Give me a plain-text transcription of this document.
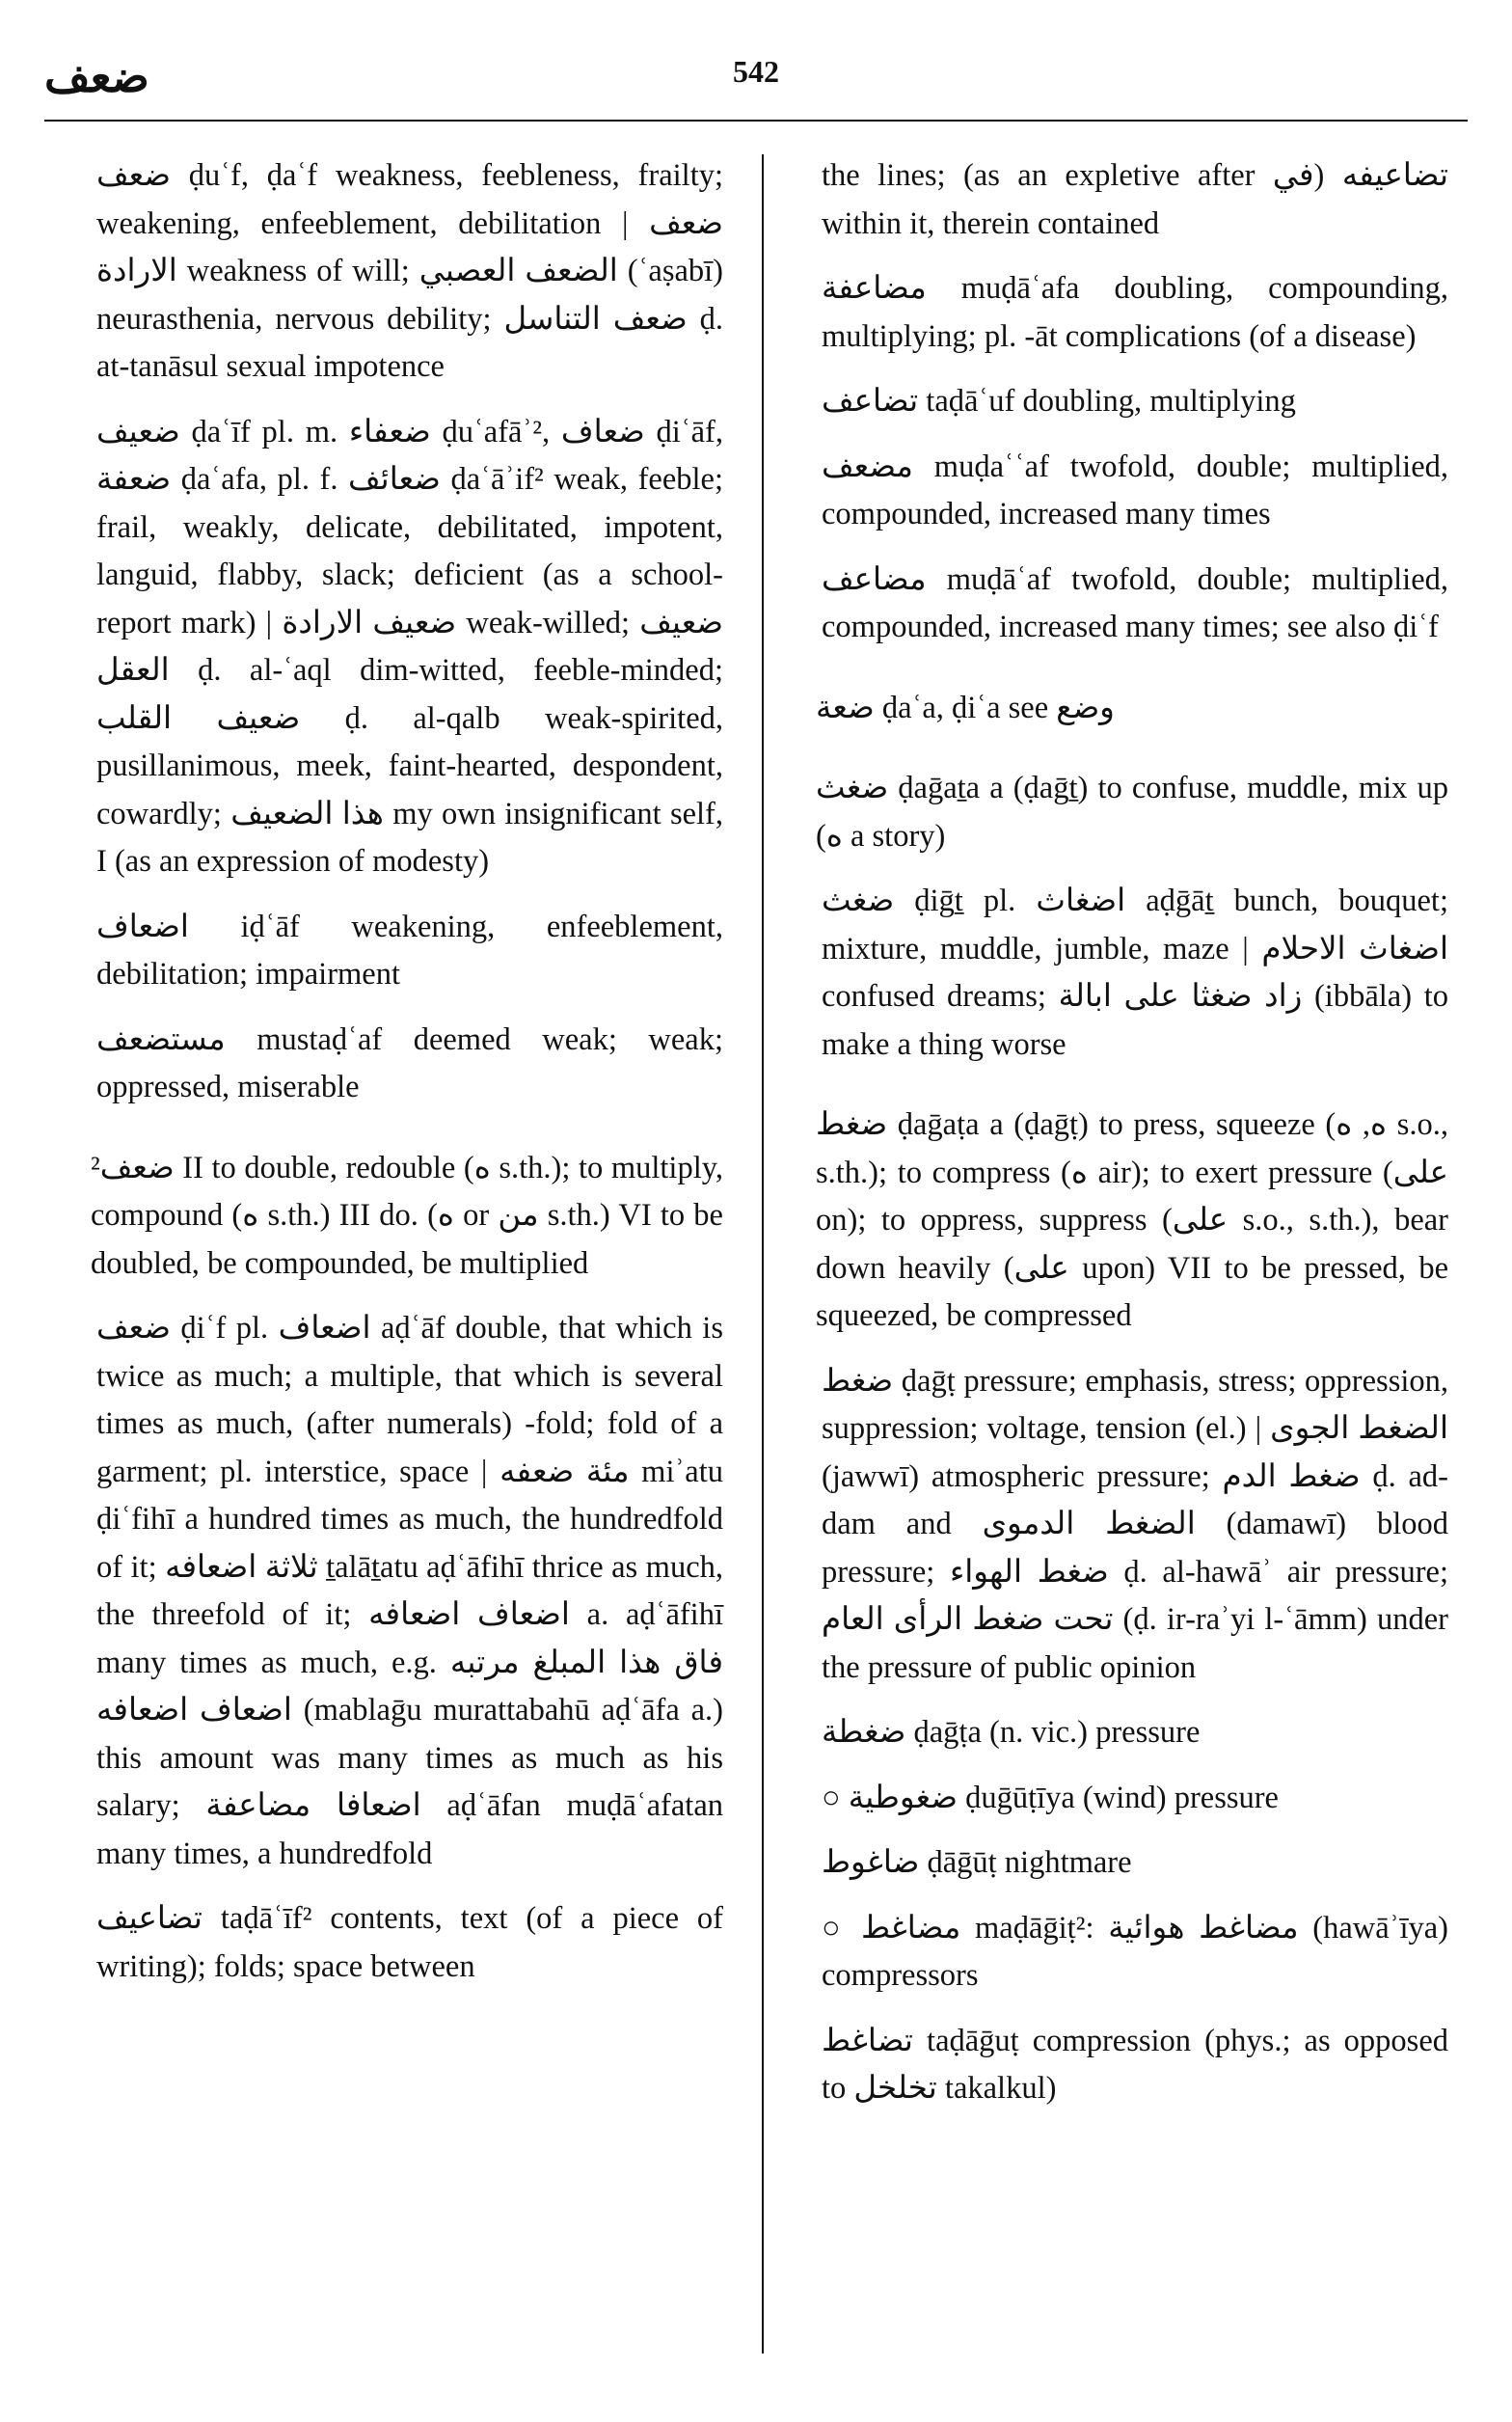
ضعف	542

ضعف ḍuʿf, ḍaʿf weakness, feebleness, frailty; weakening, enfeeblement, debilitation | ضعف الارادة weakness of will; الضعف العصبي (ʿaṣabī) neurasthenia, nervous debility; ضعف التناسل ḍ. at-tanāsul sexual impotence

ضعيف ḍaʿīf pl. m. ضعفاء ḍuʿafāʾ², ضعاف ḍiʿāf, ضعفة ḍaʿafa, pl. f. ضعائف ḍaʿāʾif² weak, feeble; frail, weakly, delicate, debilitated, impotent, languid, flabby, slack; deficient (as a school-report mark) | ضعيف الارادة weak-willed; ضعيف العقل ḍ. al-ʿaql dim-witted, feeble-minded; ضعيف القلب ḍ. al-qalb weak-spirited, pusillanimous, meek, faint-hearted, despondent, cowardly; هذا الضعيف my own insignificant self, I (as an expression of modesty)

اضعاف iḍʿāf weakening, enfeeblement, debilitation; impairment

مستضعف mustaḍʿaf deemed weak; weak; oppressed, miserable

ضعف² II to double, redouble (ه s.th.); to multiply, compound (ه s.th.) III do. (ه or من s.th.) VI to be doubled, be compounded, be multiplied

ضعف ḍiʿf pl. اضعاف aḍʿāf double, that which is twice as much; a multiple, that which is several times as much, (after numerals) -fold; fold of a garment; pl. interstice, space | مئة ضعفه miʾatu ḍiʿfihī a hundred times as much, the hundredfold of it; ثلاثة اضعافه ṯalāṯatu aḍʿāfihī thrice as much, the threefold of it; اضعاف اضعافه a. aḍʿāfihī many times as much, e.g. فاق هذا المبلغ مرتبه اضعاف اضعافه (mablaḡu murattabahū aḍʿāfa a.) this amount was many times as much as his salary; اضعافا مضاعفة aḍʿāfan muḍāʿafatan many times, a hundredfold

تضاعيف taḍāʿīf² contents, text (of a piece of writing); folds; space between

the lines; (as an expletive after في) تضاعيفه within it, therein contained

مضاعفة muḍāʿafa doubling, compounding, multiplying; pl. -āt complications (of a disease)

تضاعف taḍāʿuf doubling, multiplying

مضعف muḍaʿʿaf twofold, double; multiplied, compounded, increased many times

مضاعف muḍāʿaf twofold, double; multiplied, compounded, increased many times; see also ḍiʿf

ضعة ḍaʿa, ḍiʿa see وضع

ضغث ḍaḡaṯa a (ḍaḡṯ) to confuse, muddle, mix up (ه a story)

ضغث ḍiḡṯ pl. اضغاث aḍḡāṯ bunch, bouquet; mixture, muddle, jumble, maze | اضغاث الاحلام confused dreams; زاد ضغثا على ابالة (ibbāla) to make a thing worse

ضغط ḍaḡaṭa a (ḍaḡṭ) to press, squeeze (ه, ه s.o., s.th.); to compress (ه air); to exert pressure (على on); to oppress, suppress (على s.o., s.th.), bear down heavily (على upon) VII to be pressed, be squeezed, be compressed

ضغط ḍaḡṭ pressure; emphasis, stress; oppression, suppression; voltage, tension (el.) | الضغط الجوى (jawwī) atmospheric pressure; ضغط الدم ḍ. ad-dam and الضغط الدموى (damawī) blood pressure; ضغط الهواء ḍ. al-hawāʾ air pressure; تحت ضغط الرأى العام (ḍ. ir-raʾyi l-ʿāmm) under the pressure of public opinion

ضغطة ḍaḡṭa (n. vic.) pressure

○ ضغوطية ḍuḡūṭīya (wind) pressure

ضاغوط ḍāḡūṭ nightmare

○ مضاغط maḍāḡiṭ²: مضاغط هوائية (hawāʾīya) compressors

تضاغط taḍāḡuṭ compression (phys.; as opposed to تخلخل takalkul)
